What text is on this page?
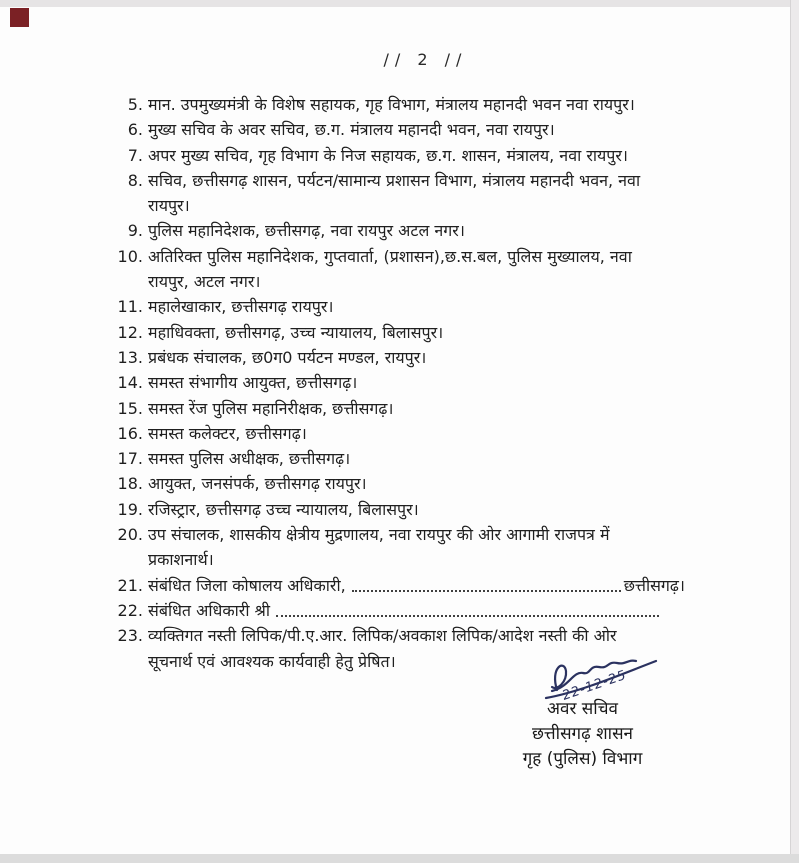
// 2 //
5. मान. उपमुख्यमंत्री के विशेष सहायक, गृह विभाग, मंत्रालय महानदी भवन नवा रायपुर।
6. मुख्य सचिव के अवर सचिव, छ.ग. मंत्रालय महानदी भवन, नवा रायपुर।
7. अपर मुख्य सचिव, गृह विभाग के निज सहायक, छ.ग. शासन, मंत्रालय, नवा रायपुर।
8. सचिव, छत्तीसगढ़ शासन, पर्यटन/सामान्य प्रशासन विभाग, मंत्रालय महानदी भवन, नवा
रायपुर।
9. पुलिस महानिदेशक, छत्तीसगढ़, नवा रायपुर अटल नगर।
10. अतिरिक्त पुलिस महानिदेशक, गुप्तवार्ता, (प्रशासन),छ.स.बल, पुलिस मुख्यालय, नवा
रायपुर, अटल नगर।
11. महालेखाकार, छत्तीसगढ़ रायपुर।
12. महाधिवक्ता, छत्तीसगढ़, उच्च न्यायालय, बिलासपुर।
13. प्रबंधक संचालक, छ0ग0 पर्यटन मण्डल, रायपुर।
14. समस्त संभागीय आयुक्त, छत्तीसगढ़।
15. समस्त रेंज पुलिस महानिरीक्षक, छत्तीसगढ़।
16. समस्त कलेक्टर, छत्तीसगढ़।
17. समस्त पुलिस अधीक्षक, छत्तीसगढ़।
18. आयुक्त, जनसंपर्क, छत्तीसगढ़ रायपुर।
19. रजिस्ट्रार, छत्तीसगढ़ उच्च न्यायालय, बिलासपुर।
20. उप संचालक, शासकीय क्षेत्रीय मुद्रणालय, नवा रायपुर की ओर आगामी राजपत्र में
प्रकाशनार्थ।
21. संबंधित जिला कोषालय अधिकारी,	छत्तीसगढ़।
22. संबंधित अधिकारी श्री
23. व्यक्तिगत नस्ती लिपिक/पी.ए.आर. लिपिक/अवकाश लिपिक/आदेश नस्ती की ओर
सूचनार्थ एवं आवश्यक कार्यवाही हेतु प्रेषित।
22-12-25
अवर सचिव
छत्तीसगढ़ शासन
गृह (पुलिस) विभाग
